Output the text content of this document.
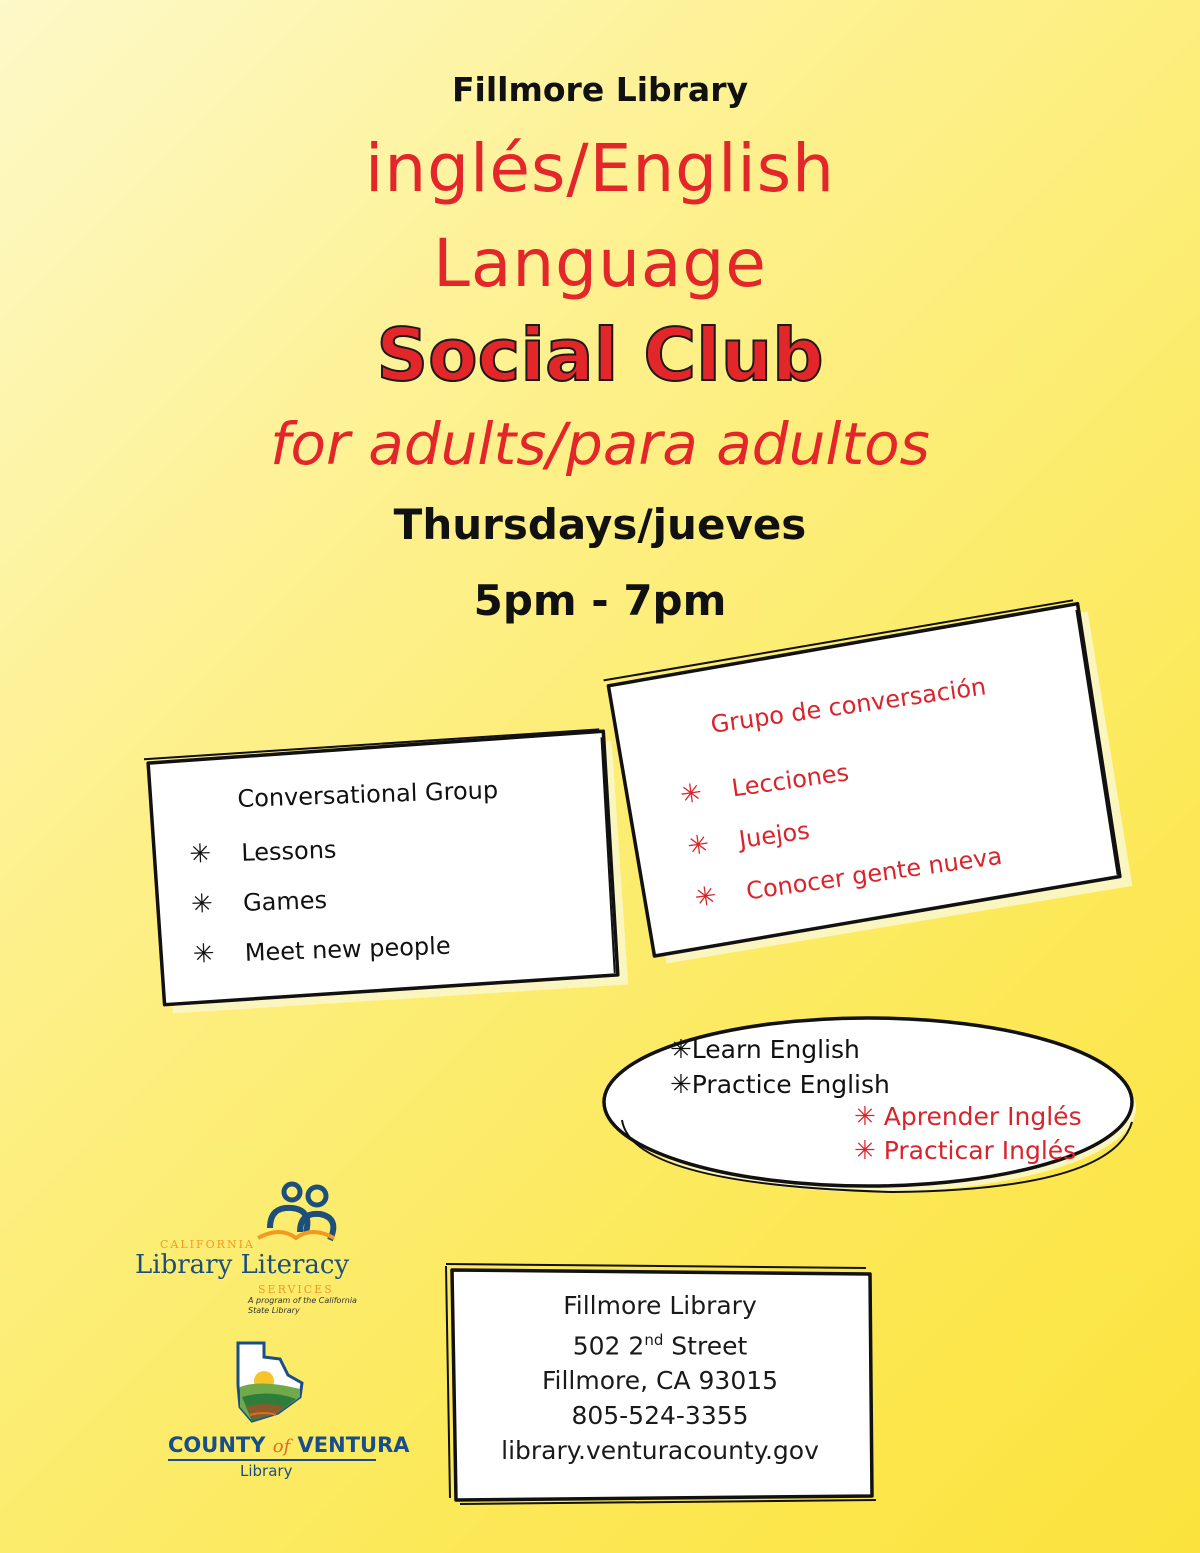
Fillmore Library
inglés/English
Language
Social Club
for adults/para adultos
Thursdays/jueves
5pm - 7pm
Conversational Group
✳ Lessons
✳ Games
✳ Meet new people
Grupo de conversación
✳ Lecciones
✳ Juejos
✳ Conocer gente nueva
✳Learn English
✳Practice English
✳ Aprender Inglés
✳ Practicar Inglés
CALIFORNIA
Library Literacy
SERVICES
A program of the California State Library
COUNTY of VENTURA
Library
Fillmore Library
502 2nd Street
Fillmore, CA 93015
805-524-3355
library.venturacounty.gov
